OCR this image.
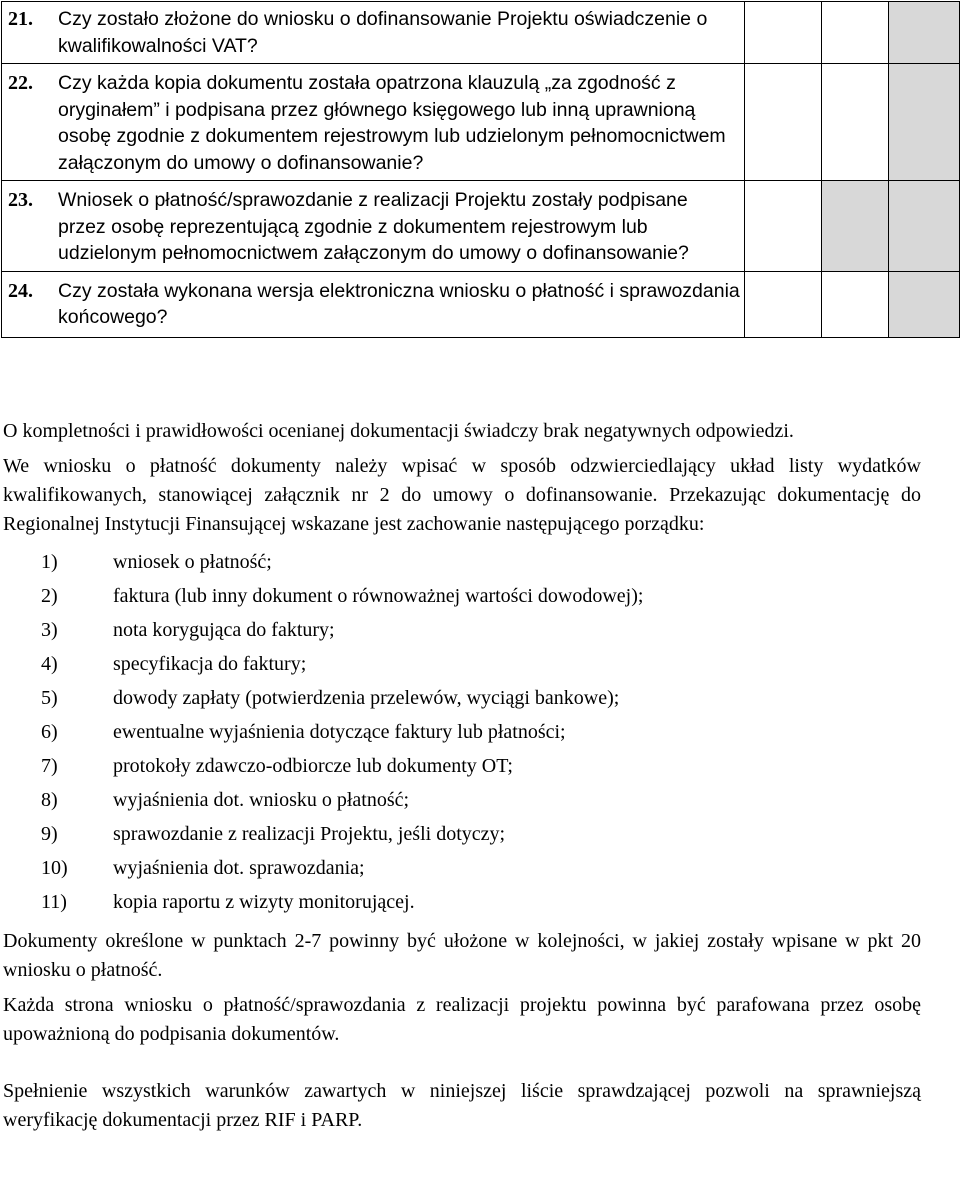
21. Czy zostało złożone do wniosku o dofinansowanie Projektu oświadczenie o kwalifikowalności VAT?			

22. Czy każda kopia dokumentu została opatrzona klauzulą „za zgodność z oryginałem” i podpisana przez głównego księgowego lub inną uprawnioną osobę zgodnie z dokumentem rejestrowym lub udzielonym pełnomocnictwem załączonym do umowy o dofinansowanie?			

23. Wniosek o płatność/sprawozdanie z realizacji Projektu zostały podpisane przez osobę reprezentującą zgodnie z dokumentem rejestrowym lub udzielonym pełnomocnictwem załączonym do umowy o dofinansowanie?			

24. Czy została wykonana wersja elektroniczna wniosku o płatność i sprawozdania końcowego?			

O kompletności i prawidłowości ocenianej dokumentacji świadczy brak negatywnych odpowiedzi.

We wniosku o płatność dokumenty należy wpisać w sposób odzwierciedlający układ listy wydatków kwalifikowanych, stanowiącej załącznik nr 2 do umowy o dofinansowanie. Przekazując dokumentację do Regionalnej Instytucji Finansującej wskazane jest zachowanie następującego porządku:

1)	wniosek o płatność;
2)	faktura (lub inny dokument o równoważnej wartości dowodowej);
3)	nota korygująca do faktury;
4)	specyfikacja do faktury;
5)	dowody zapłaty (potwierdzenia przelewów, wyciągi bankowe);
6)	ewentualne wyjaśnienia dotyczące faktury lub płatności;
7)	protokoły zdawczo-odbiorcze lub dokumenty OT;
8)	wyjaśnienia dot. wniosku o płatność;
9)	sprawozdanie z realizacji Projektu, jeśli dotyczy;
10)	wyjaśnienia dot. sprawozdania;
11)	kopia raportu z wizyty monitorującej.

Dokumenty określone w punktach 2-7 powinny być ułożone w kolejności, w jakiej zostały wpisane w pkt 20 wniosku o płatność.

Każda strona wniosku o płatność/sprawozdania z realizacji projektu powinna być parafowana przez osobę upoważnioną do podpisania dokumentów.

Spełnienie wszystkich warunków zawartych w niniejszej liście sprawdzającej pozwoli na sprawniejszą weryfikację dokumentacji przez RIF i PARP.
